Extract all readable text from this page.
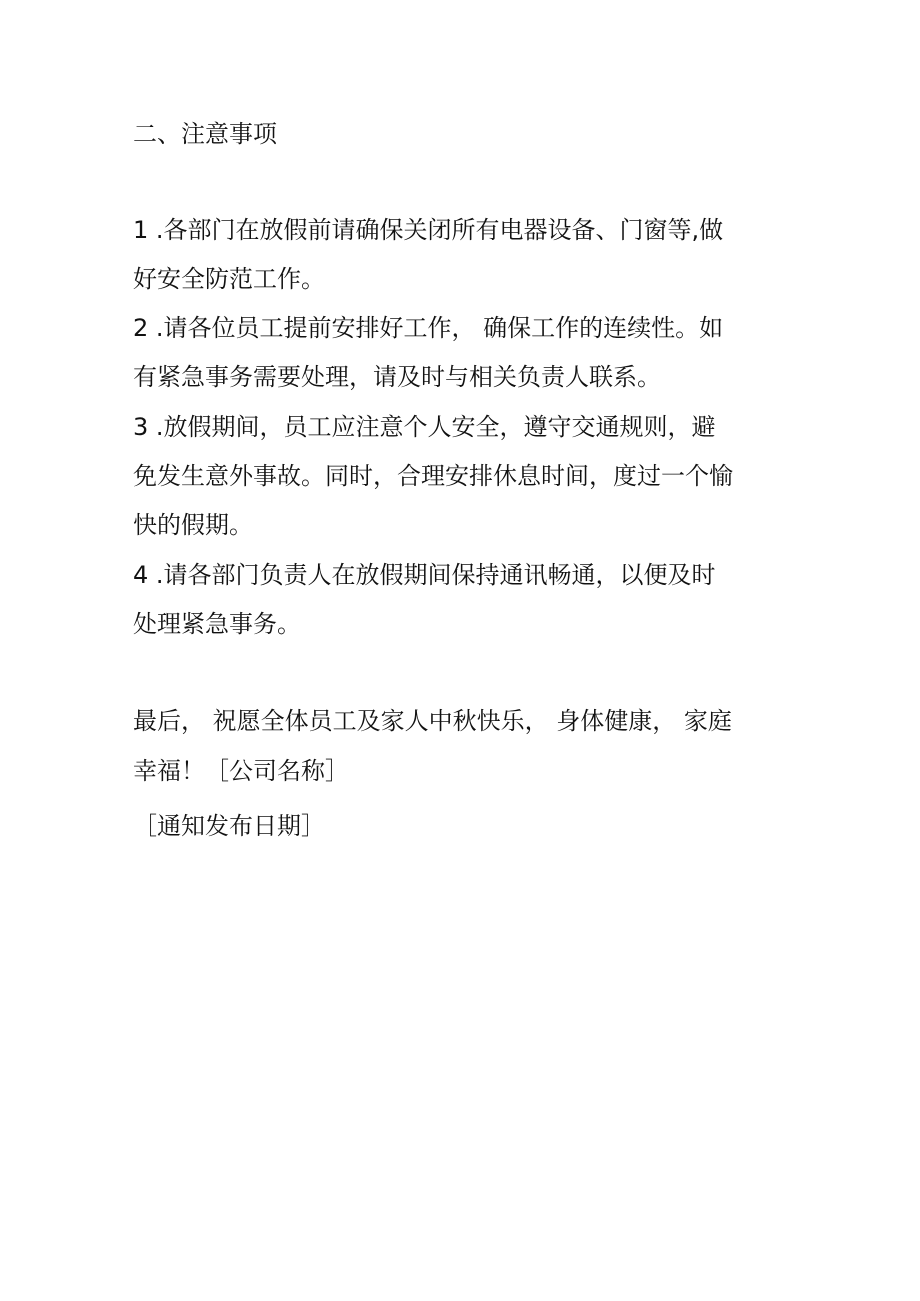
二、注意事项
1 .各部门在放假前请确保关闭所有电器设备、门窗等,做
好安全防范工作。
2 .请各位员工提前安排好工作， 确保工作的连续性。如
有紧急事务需要处理，请及时与相关负责人联系。
3 .放假期间，员工应注意个人安全，遵守交通规则，避
免发生意外事故。同时，合理安排休息时间，度过一个愉
快的假期。
4 .请各部门负责人在放假期间保持通讯畅通，以便及时
处理紧急事务。
最后， 祝愿全体员工及家人中秋快乐， 身体健康， 家庭
幸福！［公司名称］
［通知发布日期］
